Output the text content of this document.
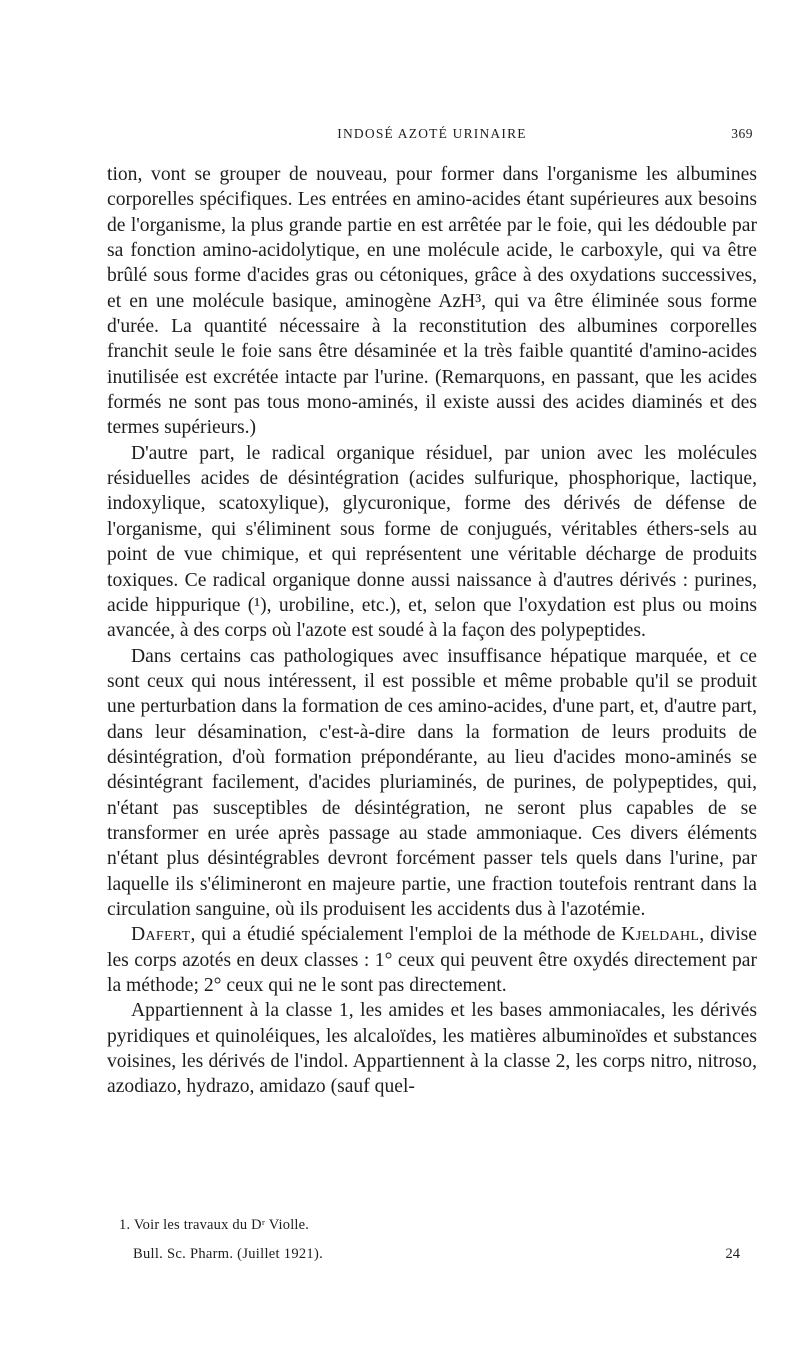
INDOSÉ AZOTÉ URINAIRE	369

tion, vont se grouper de nouveau, pour former dans l'organisme les albumines corporelles spécifiques. Les entrées en amino-acides étant supérieures aux besoins de l'organisme, la plus grande partie en est arrêtée par le foie, qui les dédouble par sa fonction amino-acidolytique, en une molécule acide, le carboxyle, qui va être brûlé sous forme d'acides gras ou cétoniques, grâce à des oxydations successives, et en une molécule basique, aminogène AzH³, qui va être éliminée sous forme d'urée. La quantité nécessaire à la reconstitution des albumines corporelles franchit seule le foie sans être désaminée et la très faible quantité d'amino-acides inutilisée est excrétée intacte par l'urine. (Remarquons, en passant, que les acides formés ne sont pas tous mono-aminés, il existe aussi des acides diaminés et des termes supérieurs.)

D'autre part, le radical organique résiduel, par union avec les molécules résiduelles acides de désintégration (acides sulfurique, phosphorique, lactique, indoxylique, scatoxylique), glycuronique, forme des dérivés de défense de l'organisme, qui s'éliminent sous forme de conjugués, véritables éthers-sels au point de vue chimique, et qui représentent une véritable décharge de produits toxiques. Ce radical organique donne aussi naissance à d'autres dérivés : purines, acide hippurique (¹), urobiline, etc.), et, selon que l'oxydation est plus ou moins avancée, à des corps où l'azote est soudé à la façon des polypeptides.

Dans certains cas pathologiques avec insuffisance hépatique marquée, et ce sont ceux qui nous intéressent, il est possible et même probable qu'il se produit une perturbation dans la formation de ces amino-acides, d'une part, et, d'autre part, dans leur désamination, c'est-à-dire dans la formation de leurs produits de désintégration, d'où formation prépondérante, au lieu d'acides mono-aminés se désintégrant facilement, d'acides pluriaminés, de purines, de polypeptides, qui, n'étant pas susceptibles de désintégration, ne seront plus capables de se transformer en urée après passage au stade ammoniaque. Ces divers éléments n'étant plus désintégrables devront forcément passer tels quels dans l'urine, par laquelle ils s'élimineront en majeure partie, une fraction toutefois rentrant dans la circulation sanguine, où ils produisent les accidents dus à l'azotémie.

Dafert, qui a étudié spécialement l'emploi de la méthode de Kjeldahl, divise les corps azotés en deux classes : 1° ceux qui peuvent être oxydés directement par la méthode; 2° ceux qui ne le sont pas directement.

Appartiennent à la classe 1, les amides et les bases ammoniacales, les dérivés pyridiques et quinoléiques, les alcaloïdes, les matières albuminoïdes et substances voisines, les dérivés de l'indol. Appartiennent à la classe 2, les corps nitro, nitroso, azodiazo, hydrazo, amidazo (sauf quel-

1. Voir les travaux du Dʳ Violle.
Bull. Sc. Pharm. (Juillet 1921).	24
